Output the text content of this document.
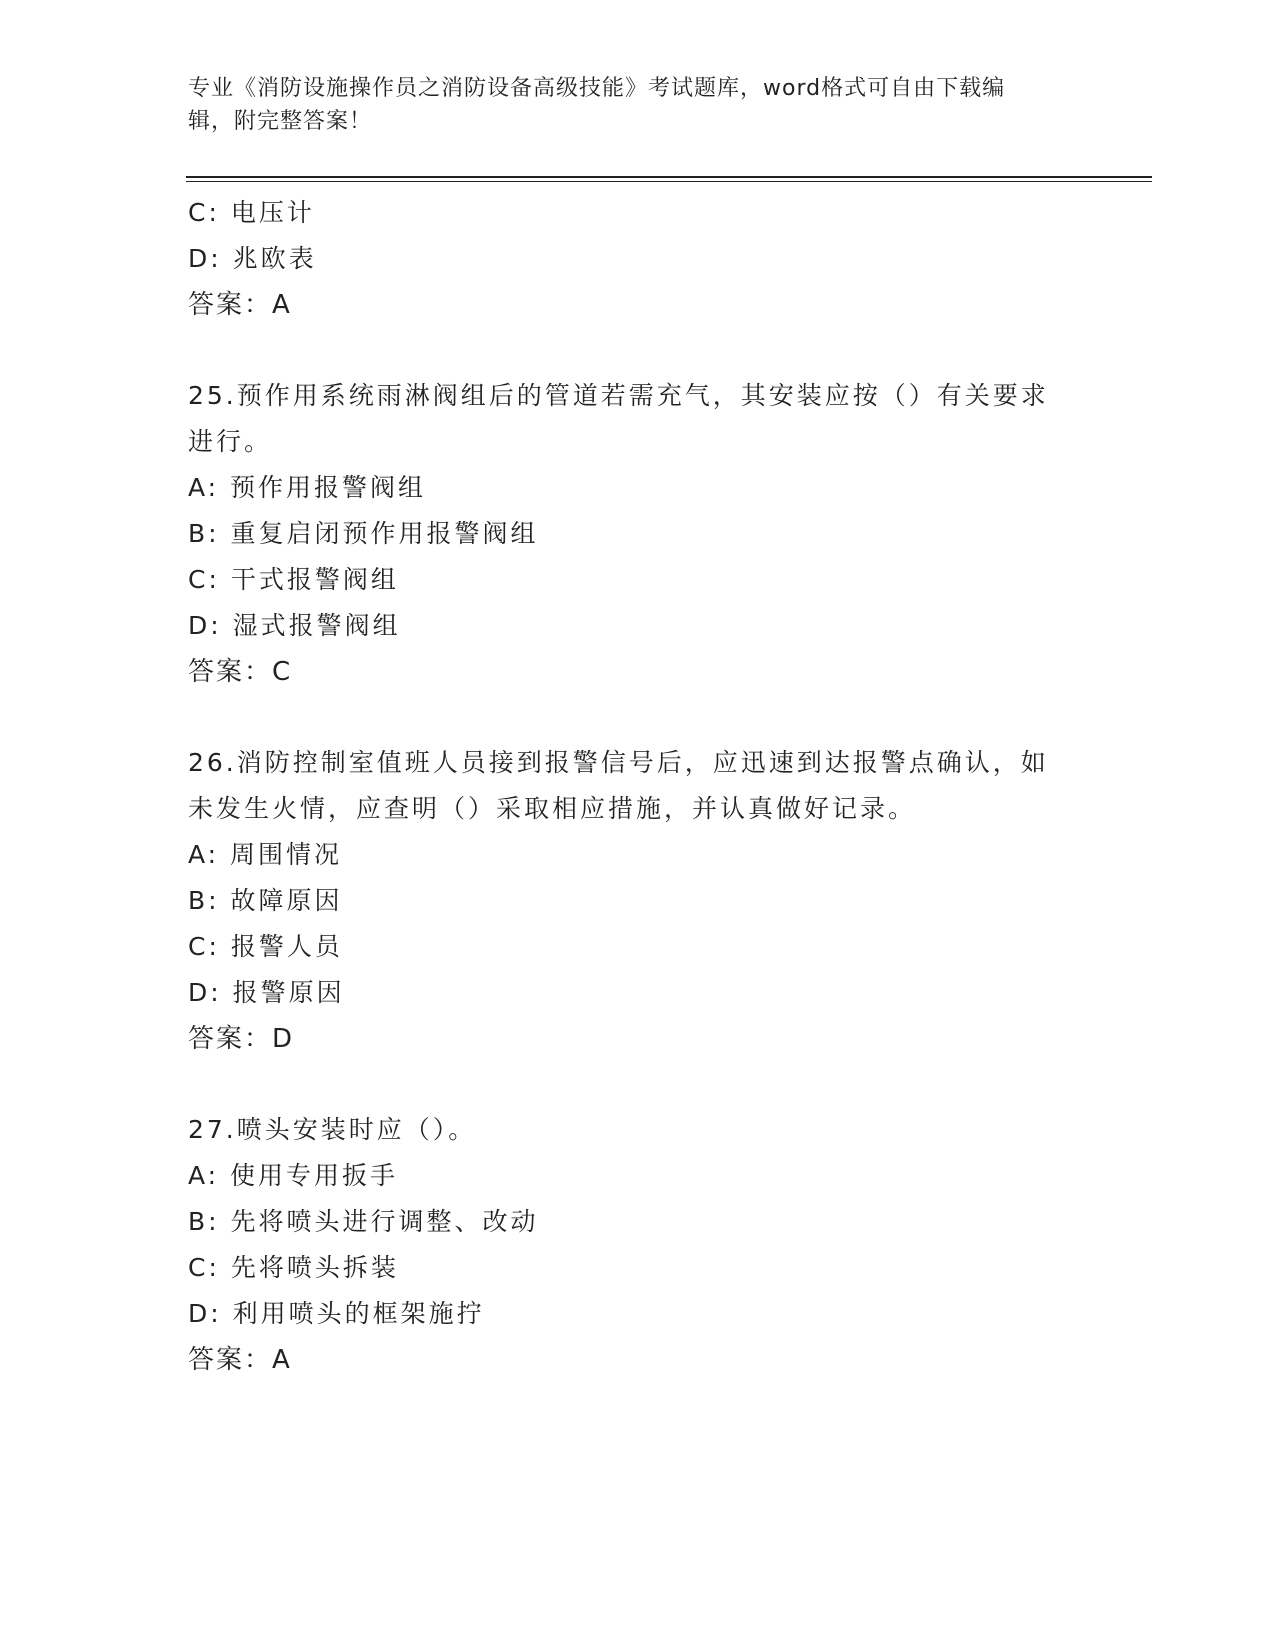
专业《消防设施操作员之消防设备高级技能》考试题库，word格式可自由下载编
辑，附完整答案！
C: 电压计
D: 兆欧表
答案：A
25.预作用系统雨淋阀组后的管道若需充气，其安装应按（）有关要求
进行。
A: 预作用报警阀组
B: 重复启闭预作用报警阀组
C: 干式报警阀组
D: 湿式报警阀组
答案：C
26.消防控制室值班人员接到报警信号后，应迅速到达报警点确认，如
未发生火情，应查明（）采取相应措施，并认真做好记录。
A: 周围情况
B: 故障原因
C: 报警人员
D: 报警原因
答案：D
27.喷头安装时应（）。
A: 使用专用扳手
B: 先将喷头进行调整、改动
C: 先将喷头拆装
D: 利用喷头的框架施拧
答案：A
